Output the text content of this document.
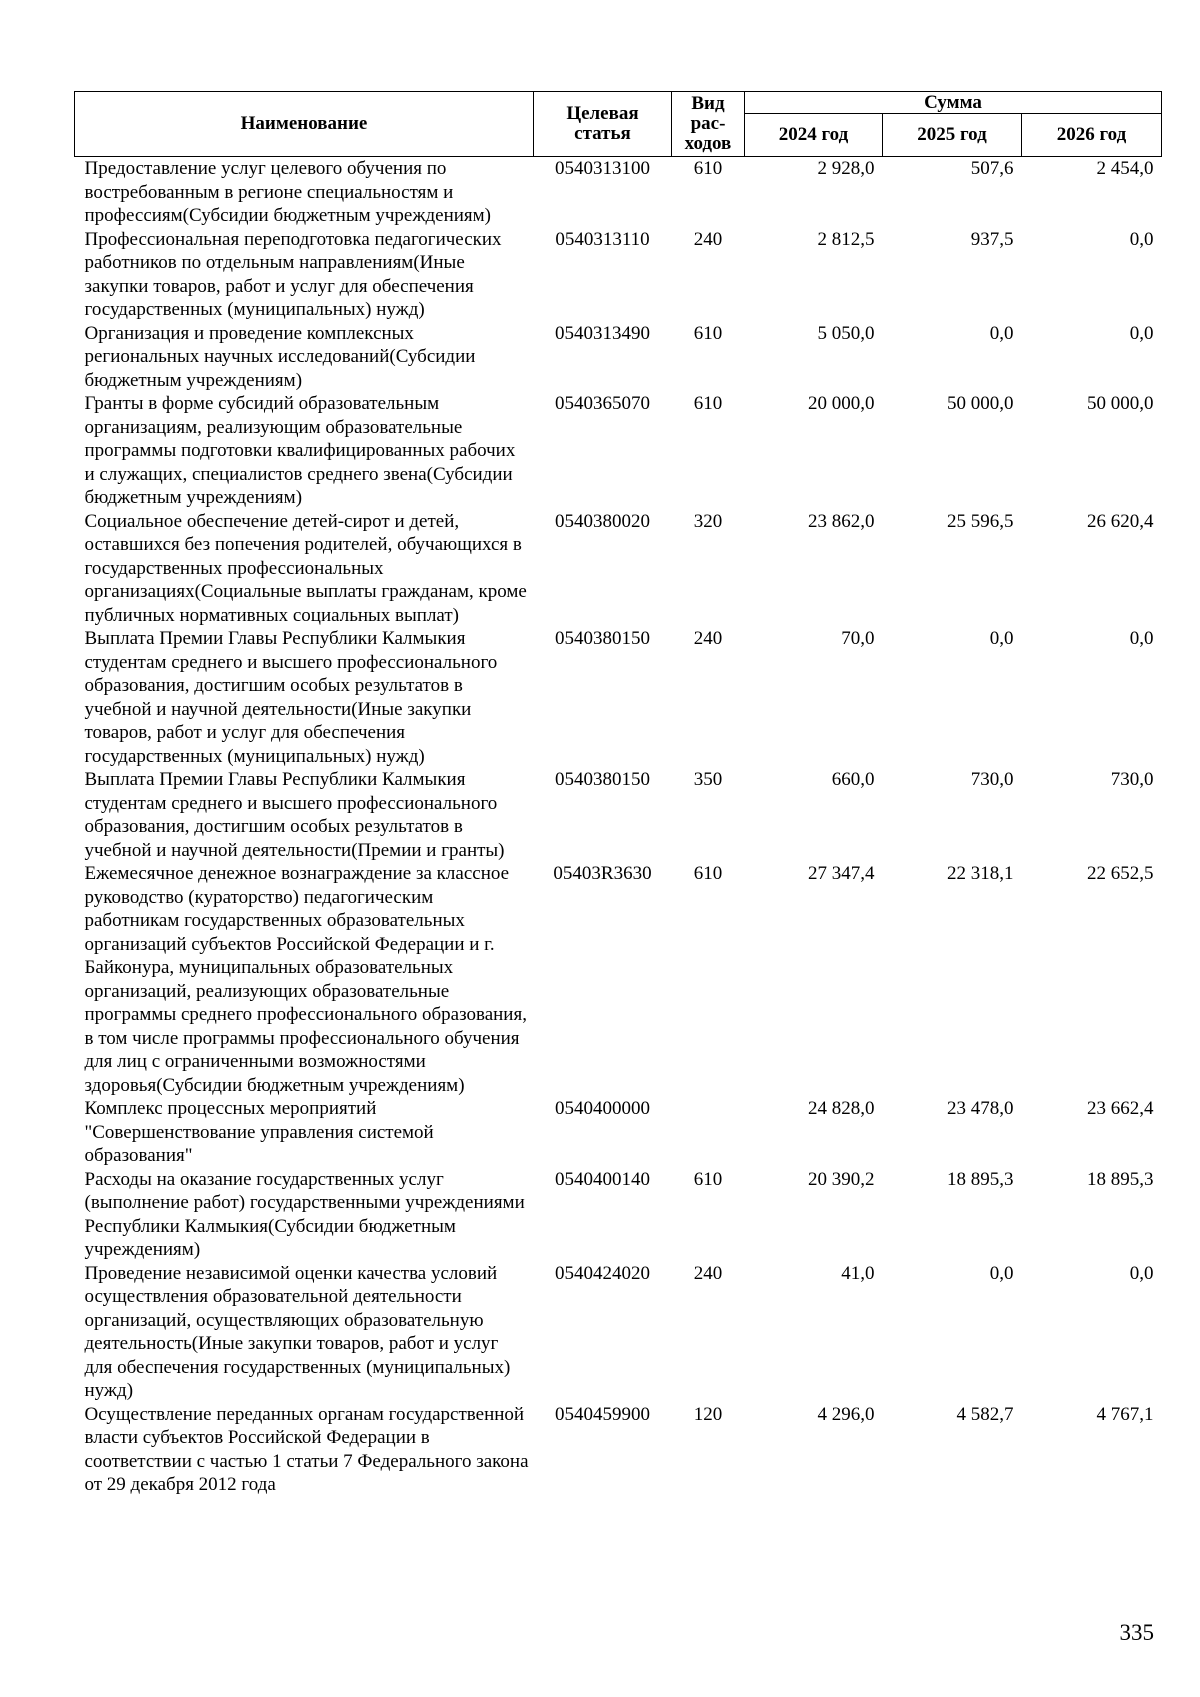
Наименование	Целевая статья	Вид рас-ходов	Сумма		
			2024 год	2025 год	2026 год
Предоставление услуг целевого обучения по востребованным в регионе специальностям и профессиям(Субсидии бюджетным учреждениям)	0540313100	610	2 928,0	507,6	2 454,0
Профессиональная переподготовка педагогических работников по отдельным направлениям(Иные закупки товаров, работ и услуг для обеспечения государственных (муниципальных) нужд)	0540313110	240	2 812,5	937,5	0,0
Организация и проведение комплексных региональных научных исследований(Субсидии бюджетным учреждениям)	0540313490	610	5 050,0	0,0	0,0
Гранты в форме субсидий образовательным организациям, реализующим образовательные программы подготовки квалифицированных рабочих и служащих, специалистов среднего звена(Субсидии бюджетным учреждениям)	0540365070	610	20 000,0	50 000,0	50 000,0
Социальное обеспечение детей-сирот и детей, оставшихся без попечения родителей, обучающихся в государственных профессиональных организациях(Социальные выплаты гражданам, кроме публичных нормативных социальных выплат)	0540380020	320	23 862,0	25 596,5	26 620,4
Выплата Премии Главы Республики Калмыкия студентам среднего и высшего профессионального образования, достигшим особых результатов в учебной и научной деятельности(Иные закупки товаров, работ и услуг для обеспечения государственных (муниципальных) нужд)	0540380150	240	70,0	0,0	0,0
Выплата Премии Главы Республики Калмыкия студентам среднего и высшего профессионального образования, достигшим особых результатов в учебной и научной деятельности(Премии и гранты)	0540380150	350	660,0	730,0	730,0
Ежемесячное денежное вознаграждение за классное руководство (кураторство) педагогическим работникам государственных образовательных организаций субъектов Российской Федерации и г. Байконура, муниципальных образовательных организаций, реализующих образовательные программы среднего профессионального образования, в том числе программы профессионального обучения для лиц с ограниченными возможностями здоровья(Субсидии бюджетным учреждениям)	05403R3630	610	27 347,4	22 318,1	22 652,5
Комплекс процессных мероприятий "Совершенствование управления системой образования"	0540400000		24 828,0	23 478,0	23 662,4
Расходы на оказание государственных услуг (выполнение работ) государственными учреждениями Республики Калмыкия(Субсидии бюджетным учреждениям)	0540400140	610	20 390,2	18 895,3	18 895,3
Проведение независимой оценки качества условий осуществления образовательной деятельности организаций, осуществляющих образовательную деятельность(Иные закупки товаров, работ и услуг для обеспечения государственных (муниципальных) нужд)	0540424020	240	41,0	0,0	0,0
Осуществление переданных органам государственной власти субъектов Российской Федерации в соответствии с частью 1 статьи 7 Федерального закона от 29 декабря 2012 года	0540459900	120	4 296,0	4 582,7	4 767,1
335
